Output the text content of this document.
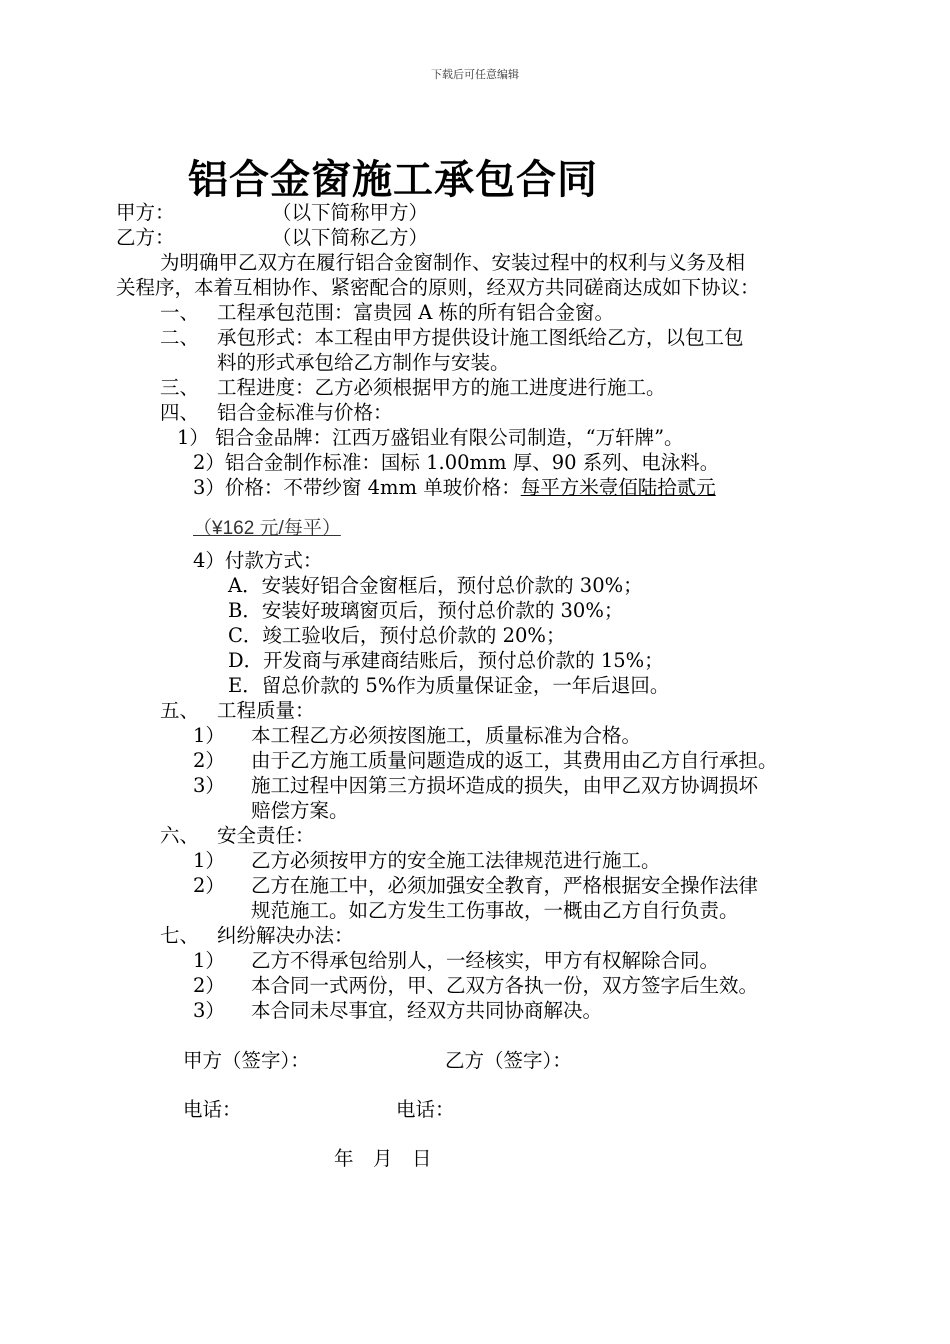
下载后可任意编辑
铝合金窗施工承包合同
甲方：　　　　　　（以下简称甲方）
乙方：　　　　　　（以下简称乙方）
为明确甲乙双方在履行铝合金窗制作、安装过程中的权利与义务及相
关程序，本着互相协作、紧密配合的原则，经双方共同磋商达成如下协议：
一、 工程承包范围：富贵园 A 栋的所有铝合金窗。
二、 承包形式：本工程由甲方提供设计施工图纸给乙方，以包工包
料的形式承包给乙方制作与安装。
三、 工程进度：乙方必须根据甲方的施工进度进行施工。
四、 铝合金标准与价格：
1） 铝合金品牌：江西万盛铝业有限公司制造，“万轩牌”。
2）铝合金制作标准：国标 1.00mm 厚、90 系列、电泳料。
3）价格：不带纱窗 4mm 单玻价格：每平方米壹佰陆拾贰元
（¥162 元/每平）
4）付款方式：
A．安装好铝合金窗框后，预付总价款的 30%；
B．安装好玻璃窗页后，预付总价款的 30%；
C．竣工验收后，预付总价款的 20%；
D．开发商与承建商结账后，预付总价款的 15%；
E．留总价款的 5%作为质量保证金，一年后退回。
五、 工程质量：
1） 本工程乙方必须按图施工，质量标准为合格。
2） 由于乙方施工质量问题造成的返工，其费用由乙方自行承担。
3） 施工过程中因第三方损坏造成的损失，由甲乙双方协调损坏
赔偿方案。
六、 安全责任：
1） 乙方必须按甲方的安全施工法律规范进行施工。
2） 乙方在施工中，必须加强安全教育，严格根据安全操作法律
规范施工。如乙方发生工伤事故，一概由乙方自行负责。
七、 纠纷解决办法：
1） 乙方不得承包给别人，一经核实，甲方有权解除合同。
2） 本合同一式两份，甲、乙双方各执一份，双方签字后生效。
3） 本合同未尽事宜，经双方共同协商解决。
甲方（签字）：	乙方（签字）：
电话：	电话：
年　月　日
